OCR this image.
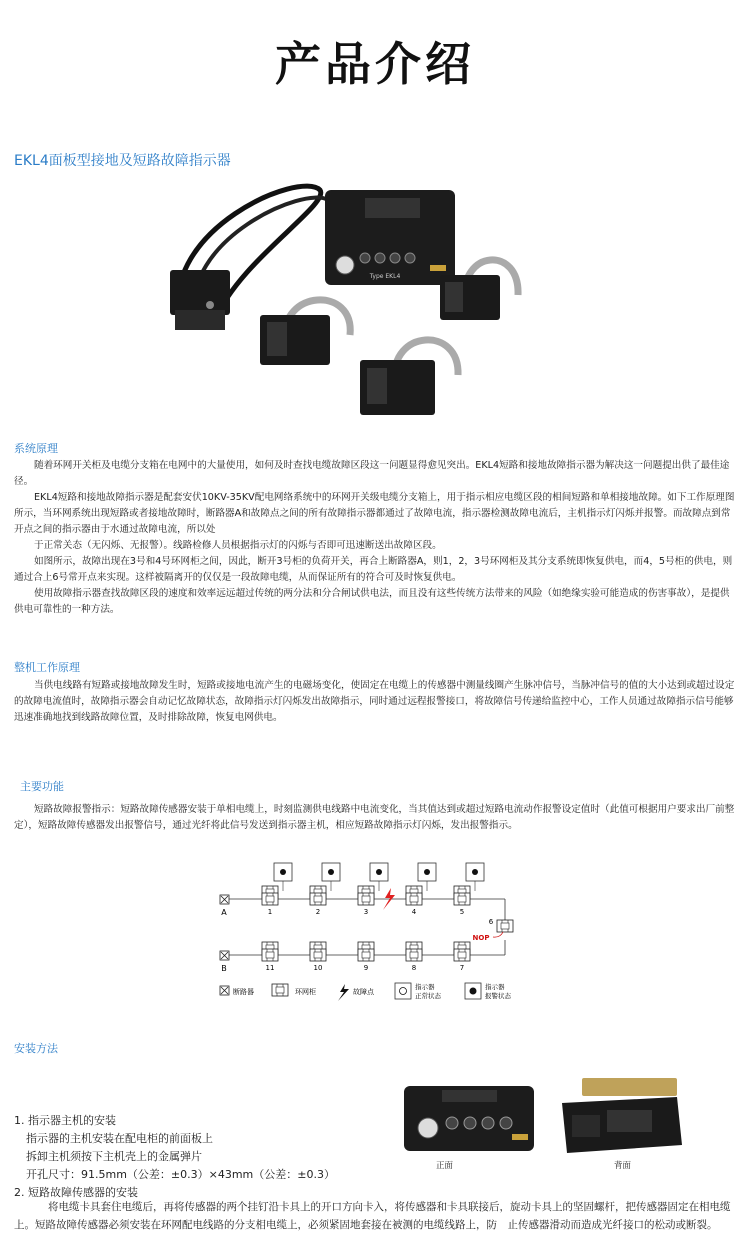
产品介绍
EKL4面板型接地及短路故障指示器
Type EKL4
系统原理

随着环网开关柜及电缆分支箱在电网中的大量使用，如何及时查找电缆故障区段这一问题显得愈见突出。EKL4短路和接地故障指示器为解决这一问题提出供了最佳途径。

EKL4短路和接地故障指示器是配套安伏10KV-35KV配电网络系统中的环网开关级电缆分支箱上，用于指示相应电缆区段的相间短路和单相接地故障。如下工作原理图所示，当环网系统出现短路或者接地故障时，断路器A和故障点之间的所有故障指示器都通过了故障电流，指示器检测故障电流后，主机指示灯闪烁并报警。而故障点到常开点之间的指示器由于水通过故障电流，所以处

于正常关态（无闪烁、无报警）。线路检修人员根据指示灯的闪烁与否即可迅速断送出故障区段。

如图所示，故障出现在3号和4号环网柜之间，因此，断开3号柜的负荷开关，再合上断路器A，则1，2，3号环网柜及其分支系统即恢复供电，而4，5号柜的供电，则通过合上6号常开点来实现。这样被隔离开的仅仅是一段故障电缆，从而保证所有的符合可及时恢复供电。

使用故障指示器查找故障区段的速度和效率远远超过传统的两分法和分合闸试供电法，而且没有这些传统方法带来的风险（如绝缘实验可能造成的伤害事故），是提供供电可靠性的一种方法。

整机工作原理

当供电线路有短路或接地故障发生时，短路或接地电流产生的电磁场变化，使固定在电缆上的传感器中测量线圈产生脉冲信号，当脉冲信号的值的大小达到或超过设定的故障电流值时，故障指示器会自动记忆故障状态，故障指示灯闪烁发出故障指示，同时通过远程报警接口，将故障信号传递给监控中心，工作人员通过故障指示信号能够迅速准确地找到线路故障位置，及时排除故障，恢复电网供电。

主要功能

短路故障报警指示：短路故障传感器安装于单相电缆上，时刻监测供电线路中电流变化，当其值达到或超过短路电流动作报警设定值时（此值可根据用户要求出厂前整定），短路故障传感器发出报警信号，通过光纤将此信号发送到指示器主机，相应短路故障指示灯闪烁，发出报警指示。

A	1	2	3	4	5
6
NOP
B	11	10	9	8	7
断路器	环网柜	故障点
指示器
正常状态
指示器
报警状态
安装方法
正面	背面
1. 指示器主机的安装
指示器的主机安装在配电柜的前面板上
拆卸主机须按下主机壳上的金属弹片
开孔尺寸：91.5mm（公差：±0.3）×43mm（公差：±0.3）
2. 短路故障传感器的安装

将电缆卡具套住电缆后，再将传感器的两个挂钉沿卡具上的开口方向卡入，将传感器和卡具联接后，旋动卡具上的坚固螺杆，把传感器固定在相电缆上。短路故障传感器必须安装在环网配电线路的分支相电缆上，必须紧固地套接在被测的电缆线路上，防　止传感器滑动而造成光纤接口的松动或断裂。
